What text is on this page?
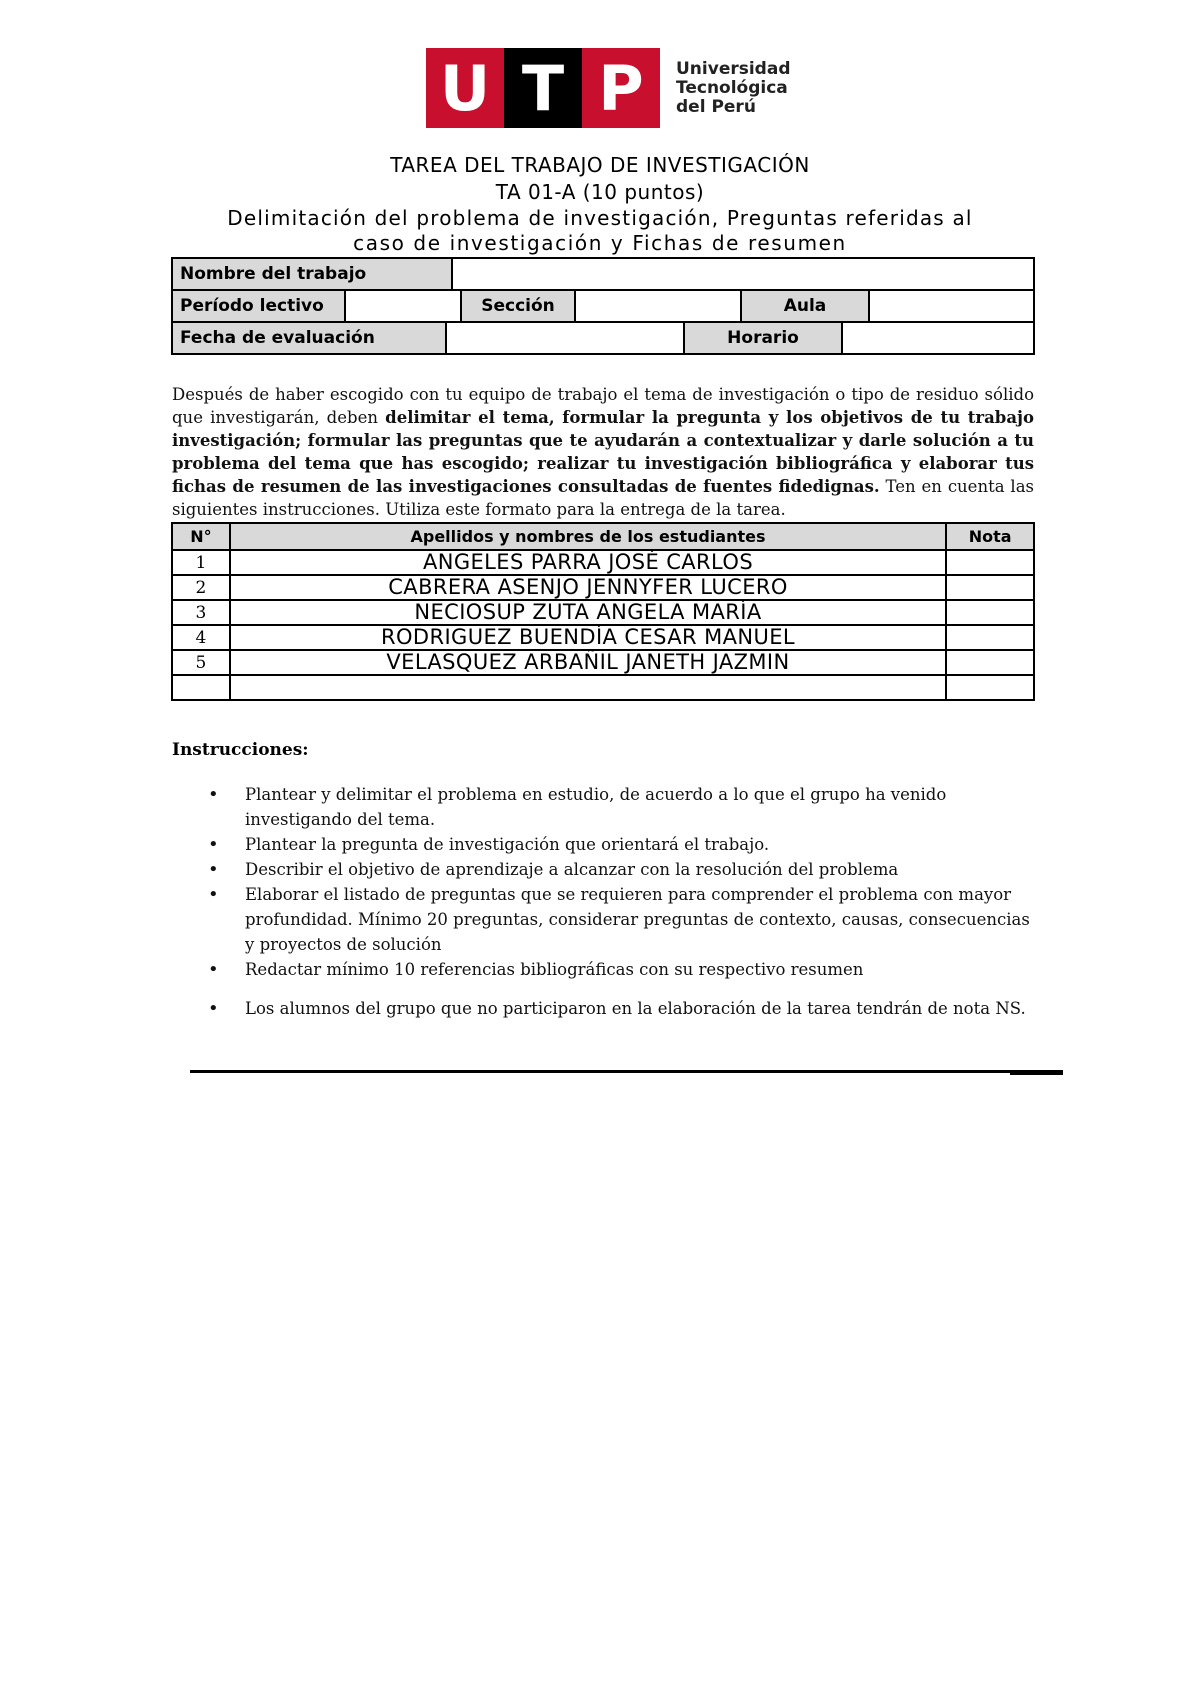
U T P	Universidad
Tecnológica
del Perú
TAREA DEL TRABAJO DE INVESTIGACIÓN
TA 01-A (10 puntos)
Delimitación del problema de investigación, Preguntas referidas al
caso de investigación y Fichas de resumen
Nombre del trabajo
Período lectivo	Sección	Aula
Fecha de evaluación	Horario
Después de haber escogido con tu equipo de trabajo el tema de investigación o tipo de residuo sólido que investigarán, deben delimitar el tema, formular la pregunta y los objetivos de tu trabajo investigación; formular las preguntas que te ayudarán a contextualizar y darle solución a tu problema del tema que has escogido; realizar tu investigación bibliográfica y elaborar tus fichas de resumen de las investigaciones consultadas de fuentes fidedignas. Ten en cuenta las siguientes instrucciones. Utiliza este formato para la entrega de la tarea.
N°	Apellidos y nombres de los estudiantes	Nota
1	ANGELES PARRA JOSÉ CARLOS	
2	CABRERA ASENJO JENNYFER LUCERO	
3	NECIOSUP ZUTA ANGELA MARÍA	
4	RODRIGUEZ BUENDÍA CESAR MANUEL	
5	VELASQUEZ ARBAÑIL JANETH JAZMIN	

Instrucciones:
• Plantear y delimitar el problema en estudio, de acuerdo a lo que el grupo ha venido investigando del tema.
• Plantear la pregunta de investigación que orientará el trabajo.
• Describir el objetivo de aprendizaje a alcanzar con la resolución del problema
• Elaborar el listado de preguntas que se requieren para comprender el problema con mayor profundidad. Mínimo 20 preguntas, considerar preguntas de contexto, causas, consecuencias y proyectos de solución
• Redactar mínimo 10 referencias bibliográficas con su respectivo resumen
• Los alumnos del grupo que no participaron en la elaboración de la tarea tendrán de nota NS.
